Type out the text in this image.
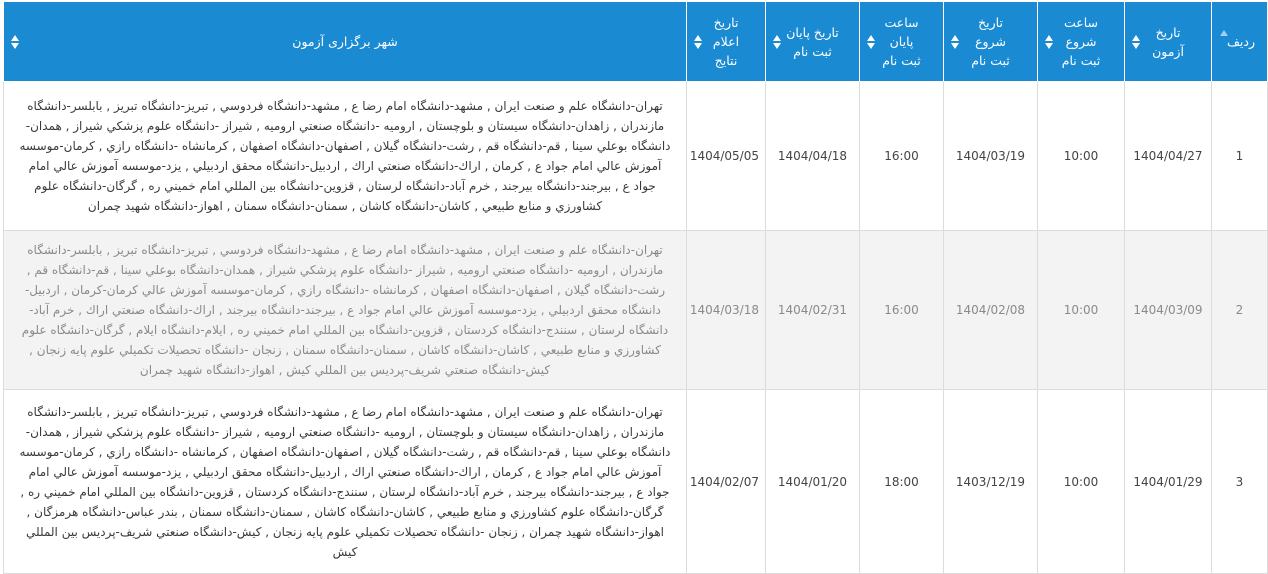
ردیف	تاریخ آزمون	ساعت شروع ثبت نام	تاریخ شروع ثبت نام	ساعت پایان ثبت نام	تاریخ پایان ثبت نام	تاریخ اعلام نتایج	شهر برگزاری آزمون

1	1404/04/27	10:00	1404/03/19	16:00	1404/04/18	1404/05/05	تهران-دانشگاه علم و صنعت ایران , مشهد-دانشگاه امام رضا ع , مشهد-دانشگاه فردوسي , تبريز-دانشگاه تبريز , بابلسر-دانشگاه مازندران , زاهدان-دانشگاه سيستان و بلوچستان , اروميه -دانشگاه صنعتي اروميه , شيراز -دانشگاه علوم پزشكي شيراز , همدان-دانشگاه بوعلي سينا , قم-دانشگاه قم , رشت-دانشگاه گيلان , اصفهان-دانشگاه اصفهان , كرمانشاه -دانشگاه رازي , كرمان-موسسه آموزش عالي امام جواد ع , كرمان , اراك-دانشگاه صنعتي اراك , اردبيل-دانشگاه محقق اردبيلي , يزد-موسسه آموزش عالي امام جواد ع , بيرجند-دانشگاه بيرجند , خرم آباد-دانشگاه لرستان , قزوين-دانشگاه بين المللي امام خميني ره , گرگان-دانشگاه علوم كشاورزي و منابع طبيعي , كاشان-دانشگاه كاشان , سمنان-دانشگاه سمنان , اهواز-دانشگاه شهيد چمران
2	1404/03/09	10:00	1404/02/08	16:00	1404/02/31	1404/03/18	تهران-دانشگاه علم و صنعت ایران , مشهد-دانشگاه امام رضا ع , مشهد-دانشگاه فردوسي , تبريز-دانشگاه تبريز , بابلسر-دانشگاه مازندران , اروميه -دانشگاه صنعتي اروميه , شيراز -دانشگاه علوم پزشكي شيراز , همدان-دانشگاه بوعلي سينا , قم-دانشگاه قم , رشت-دانشگاه گيلان , اصفهان-دانشگاه اصفهان , كرمانشاه -دانشگاه رازي , كرمان-موسسه آموزش عالي كرمان-كرمان , اردبيل-دانشگاه محقق اردبيلي , يزد-موسسه آموزش عالي امام جواد ع , بيرجند-دانشگاه بيرجند , اراك-دانشگاه صنعتي اراك , خرم آباد-دانشگاه لرستان , سنندج-دانشگاه كردستان , قزوين-دانشگاه بين المللي امام خميني ره , ايلام-دانشگاه ايلام , گرگان-دانشگاه علوم كشاورزي و منابع طبيعي , كاشان-دانشگاه كاشان , سمنان-دانشگاه سمنان , زنجان -دانشگاه تحصيلات تكميلي علوم پايه زنجان , كيش-دانشگاه صنعتي شريف-پرديس بين المللي كيش , اهواز-دانشگاه شهيد چمران
3	1404/01/29	10:00	1403/12/19	18:00	1404/01/20	1404/02/07	تهران-دانشگاه علم و صنعت ایران , مشهد-دانشگاه امام رضا ع , مشهد-دانشگاه فردوسي , تبريز-دانشگاه تبريز , بابلسر-دانشگاه مازندران , زاهدان-دانشگاه سيستان و بلوچستان , اروميه -دانشگاه صنعتي اروميه , شيراز -دانشگاه علوم پزشكي شيراز , همدان-دانشگاه بوعلي سينا , قم-دانشگاه قم , رشت-دانشگاه گيلان , اصفهان-دانشگاه اصفهان , كرمانشاه -دانشگاه رازي , كرمان-موسسه آموزش عالي امام جواد ع , كرمان , اراك-دانشگاه صنعتي اراك , اردبيل-دانشگاه محقق اردبيلي , يزد-موسسه آموزش عالي امام جواد ع , بيرجند-دانشگاه بيرجند , خرم آباد-دانشگاه لرستان , سنندج-دانشگاه كردستان , قزوين-دانشگاه بين المللي امام خميني ره , گرگان-دانشگاه علوم كشاورزي و منابع طبيعي , كاشان-دانشگاه كاشان , سمنان-دانشگاه سمنان , بندر عباس-دانشگاه هرمزگان , اهواز-دانشگاه شهيد چمران , زنجان -دانشگاه تحصيلات تكميلي علوم پايه زنجان , كيش-دانشگاه صنعتي شريف-پرديس بين المللي كيش
